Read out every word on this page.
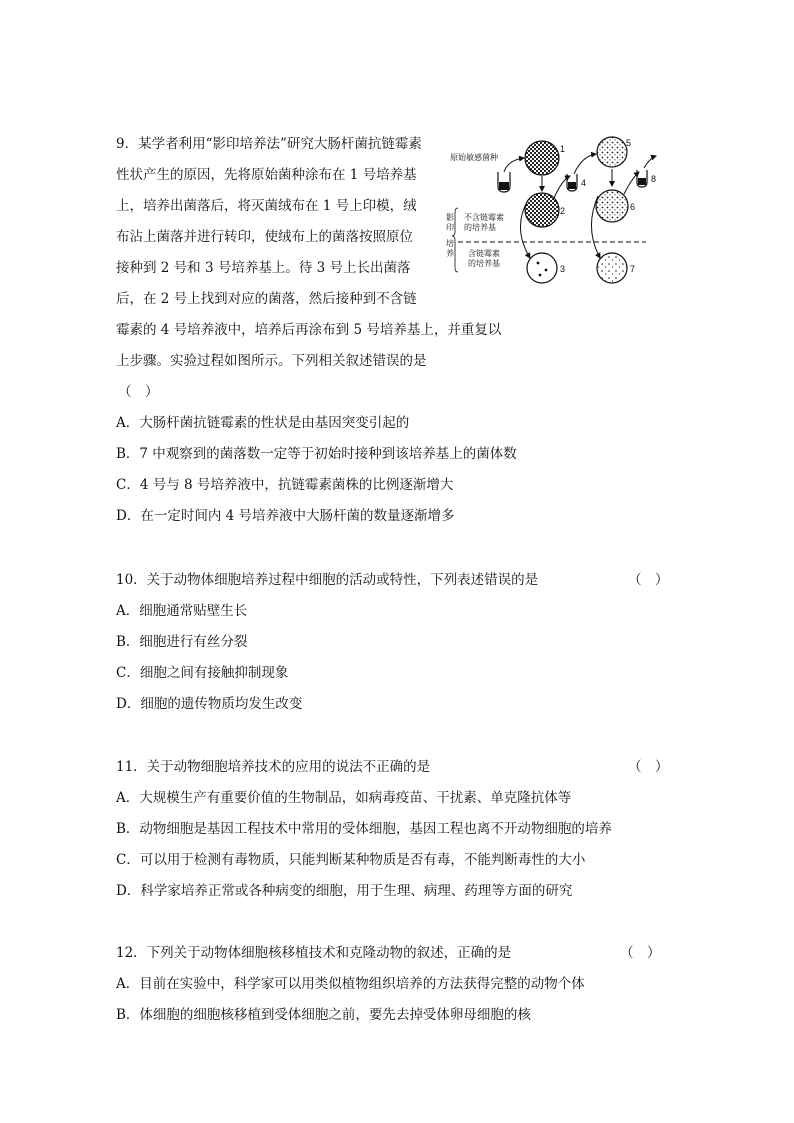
9．某学者利用“影印培养法”研究大肠杆菌抗链霉素
性状产生的原因，先将原始菌种涂布在 1 号培养基
上，培养出菌落后，将灭菌绒布在 1 号上印模，绒
布沾上菌落并进行转印，使绒布上的菌落按照原位
接种到 2 号和 3 号培养基上。待 3 号上长出菌落
后，在 2 号上找到对应的菌落，然后接种到不含链
霉素的 4 号培养液中，培养后再涂布到 5 号培养基上，并重复以
上步骤。实验过程如图所示。下列相关叙述错误的是
（　）
A．大肠杆菌抗链霉素的性状是由基因突变引起的
B．7 中观察到的菌落数一定等于初始时接种到该培养基上的菌体数
C．4 号与 8 号培养液中，抗链霉素菌株的比例逐渐增大
D．在一定时间内 4 号培养液中大肠杆菌的数量逐渐增多
原始敏感菌种
不含链霉素
的培养基
含链霉素
的培养基
影
印
培
养
1
2
3
4
5
6
7
8
10．关于动物体细胞培养过程中细胞的活动或特性，下列表述错误的是	（　）
A．细胞通常贴壁生长
B．细胞进行有丝分裂
C．细胞之间有接触抑制现象
D．细胞的遗传物质均发生改变
11．关于动物细胞培养技术的应用的说法不正确的是	（　）
A．大规模生产有重要价值的生物制品，如病毒疫苗、干扰素、单克隆抗体等
B．动物细胞是基因工程技术中常用的受体细胞，基因工程也离不开动物细胞的培养
C．可以用于检测有毒物质，只能判断某种物质是否有毒，不能判断毒性的大小
D．科学家培养正常或各种病变的细胞，用于生理、病理、药理等方面的研究
12．下列关于动物体细胞核移植技术和克隆动物的叙述，正确的是	（　）
A．目前在实验中，科学家可以用类似植物组织培养的方法获得完整的动物个体
B．体细胞的细胞核移植到受体细胞之前，要先去掉受体卵母细胞的核
